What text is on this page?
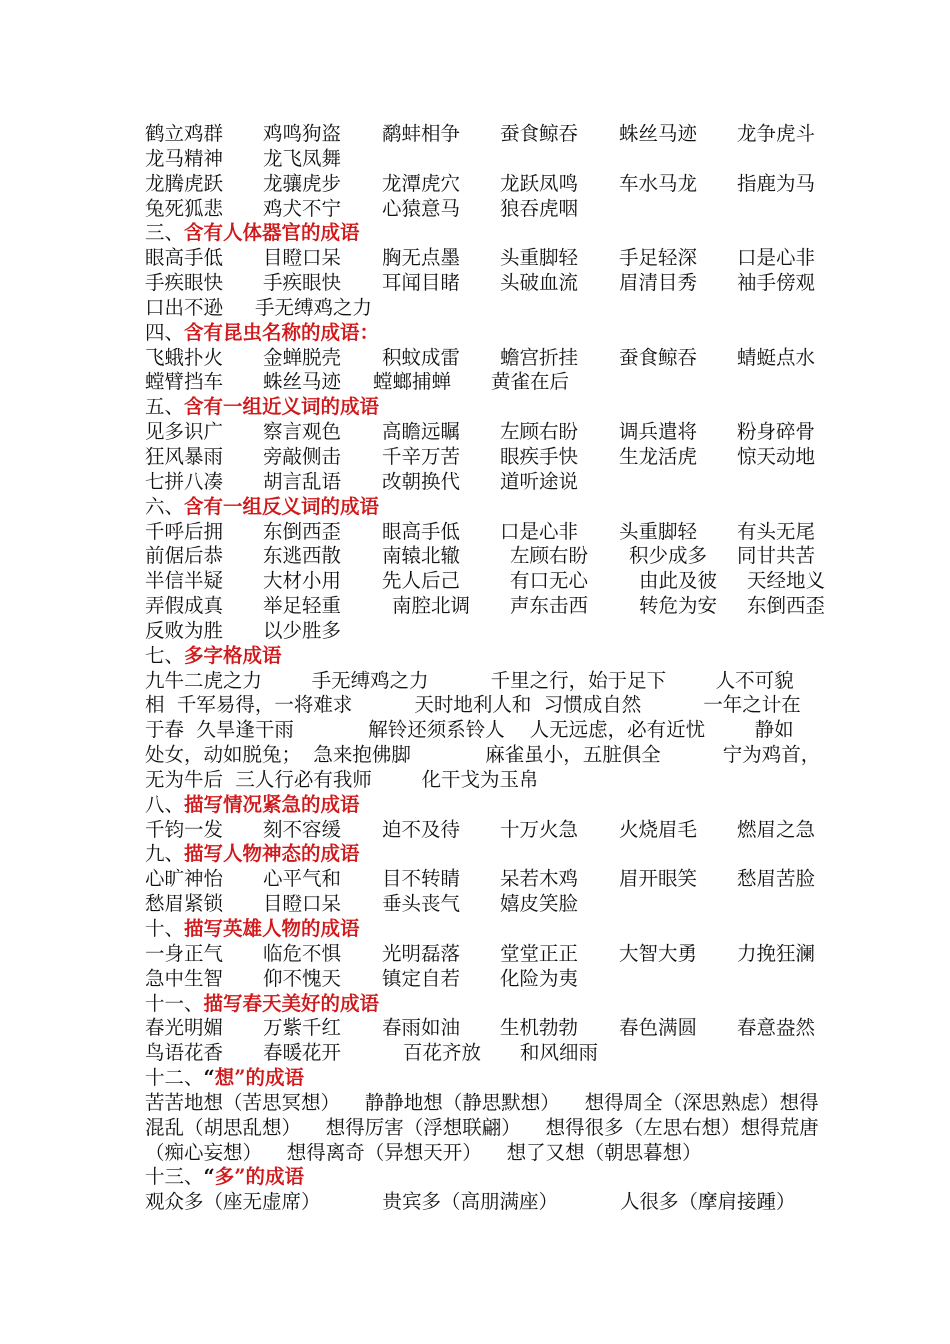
鹤立鸡群 鸡鸣狗盗 鹬蚌相争 蚕食鲸吞 蛛丝马迹 龙争虎斗
龙马精神 龙飞凤舞
龙腾虎跃 龙骧虎步 龙潭虎穴 龙跃凤鸣 车水马龙 指鹿为马
兔死狐悲 鸡犬不宁 心猿意马 狼吞虎咽
三、含有人体器官的成语
眼高手低 目瞪口呆 胸无点墨 头重脚轻 手足轻深 口是心非
手疾眼快 手疾眼快 耳闻目睹 头破血流 眉清目秀 袖手傍观
口出不逊 手无缚鸡之力
四、含有昆虫名称的成语：
飞蛾扑火 金蝉脱壳 积蚊成雷 蟾宫折挂 蚕食鲸吞 蜻蜓点水
螳臂挡车 蛛丝马迹 螳螂捕蝉 黄雀在后
五、含有一组近义词的成语
见多识广 察言观色 高瞻远瞩 左顾右盼 调兵遣将 粉身碎骨
狂风暴雨 旁敲侧击 千辛万苦 眼疾手快 生龙活虎 惊天动地
七拼八凑 胡言乱语 改朝换代 道听途说
六、含有一组反义词的成语
千呼后拥 东倒西歪 眼高手低 口是心非 头重脚轻 有头无尾
前倨后恭 东逃西散 南辕北辙	左顾右盼 积少成多 同甘共苦
半信半疑 大材小用 先人后己	有口无心	由此及彼 天经地义
弄假成真 举足轻重	南腔北调 声东击西	转危为安 东倒西歪
反败为胜 以少胜多
七、多字格成语
九牛二虎之力        手无缚鸡之力          千里之行，始于足下        人不可貌
相  千军易得，一将难求          天时地利人和  习惯成自然          一年之计在
于春  久旱逢干雨            解铃还须系铃人    人无远虑，必有近忧        静如
处女，动如脱兔；  急来抱佛脚            麻雀虽小，五脏俱全          宁为鸡首，
无为牛后  三人行必有我师        化干戈为玉帛
八、描写情况紧急的成语
千钧一发 刻不容缓 迫不及待 十万火急 火烧眉毛 燃眉之急
九、描写人物神态的成语
心旷神怡 心平气和 目不转睛 呆若木鸡 眉开眼笑 愁眉苦脸
愁眉紧锁 目瞪口呆 垂头丧气 嬉皮笑脸
十、描写英雄人物的成语
一身正气 临危不惧 光明磊落 堂堂正正 大智大勇 力挽狂澜
急中生智 仰不愧天 镇定自若 化险为夷
十一、描写春天美好的成语
春光明媚 万紫千红 春雨如油 生机勃勃 春色满圆 春意盎然
鸟语花香 春暖花开	百花齐放 和风细雨
十二、“想”的成语
苦苦地想（苦思冥想）    静静地想（静思默想）    想得周全（深思熟虑）想得
混乱（胡思乱想）    想得厉害（浮想联翩）    想得很多（左思右想）想得荒唐
（痴心妄想）    想得离奇（异想天开）    想了又想（朝思暮想）
十三、“多”的成语
观众多（座无虚席）          贵宾多（高朋满座）          人很多（摩肩接踵）
